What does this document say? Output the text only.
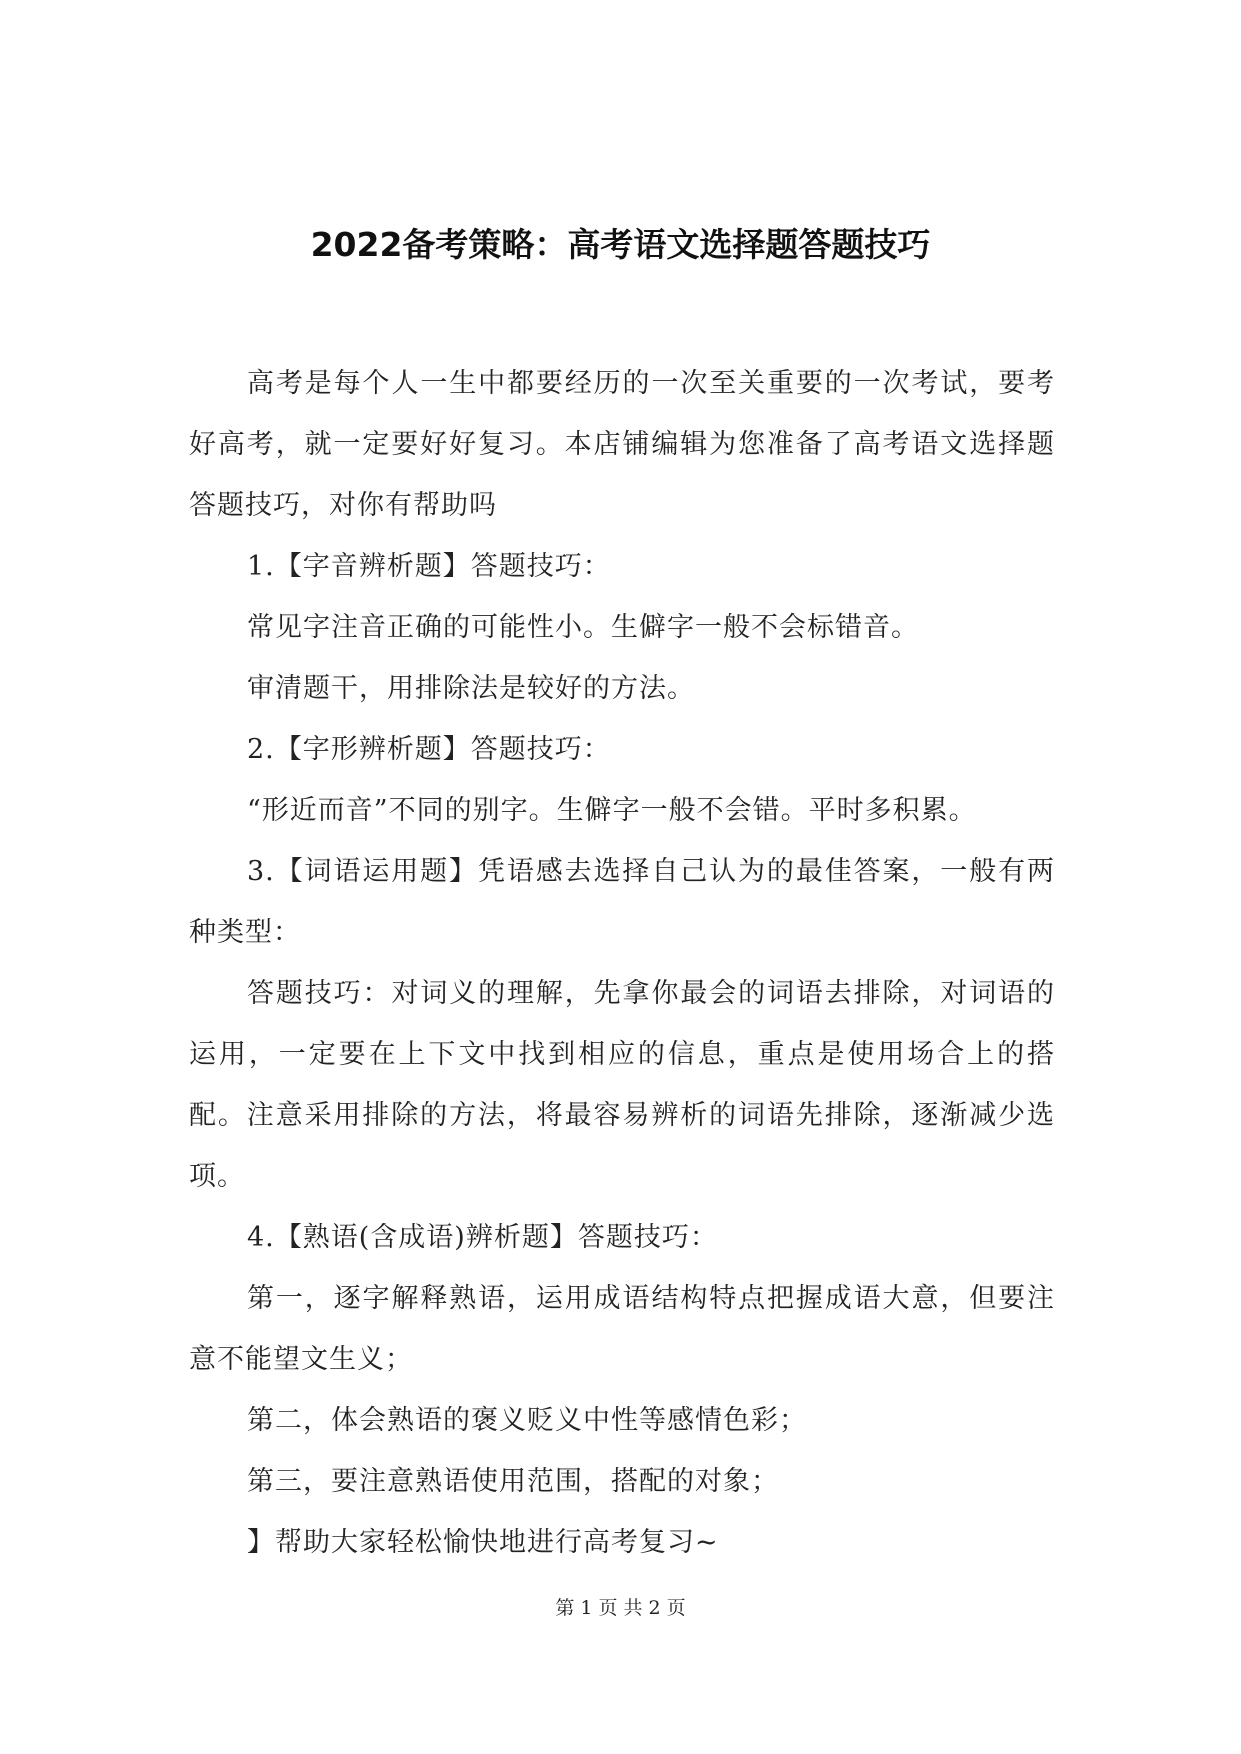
2022备考策略：高考语文选择题答题技巧

高考是每个人一生中都要经历的一次至关重要的一次考试，要考好高考，就一定要好好复习。本店铺编辑为您准备了高考语文选择题答题技巧，对你有帮助吗

1.【字音辨析题】答题技巧：

常见字注音正确的可能性小。生僻字一般不会标错音。

审清题干，用排除法是较好的方法。

2.【字形辨析题】答题技巧：

“形近而音”不同的别字。生僻字一般不会错。平时多积累。

3.【词语运用题】凭语感去选择自己认为的最佳答案，一般有两种类型：

答题技巧：对词义的理解，先拿你最会的词语去排除，对词语的运用，一定要在上下文中找到相应的信息，重点是使用场合上的搭配。注意采用排除的方法，将最容易辨析的词语先排除，逐渐减少选项。

4.【熟语(含成语)辨析题】答题技巧：

第一，逐字解释熟语，运用成语结构特点把握成语大意，但要注意不能望文生义；

第二，体会熟语的褒义贬义中性等感情色彩；

第三，要注意熟语使用范围，搭配的对象；

】帮助大家轻松愉快地进行高考复习~

第 1 页 共 2 页
